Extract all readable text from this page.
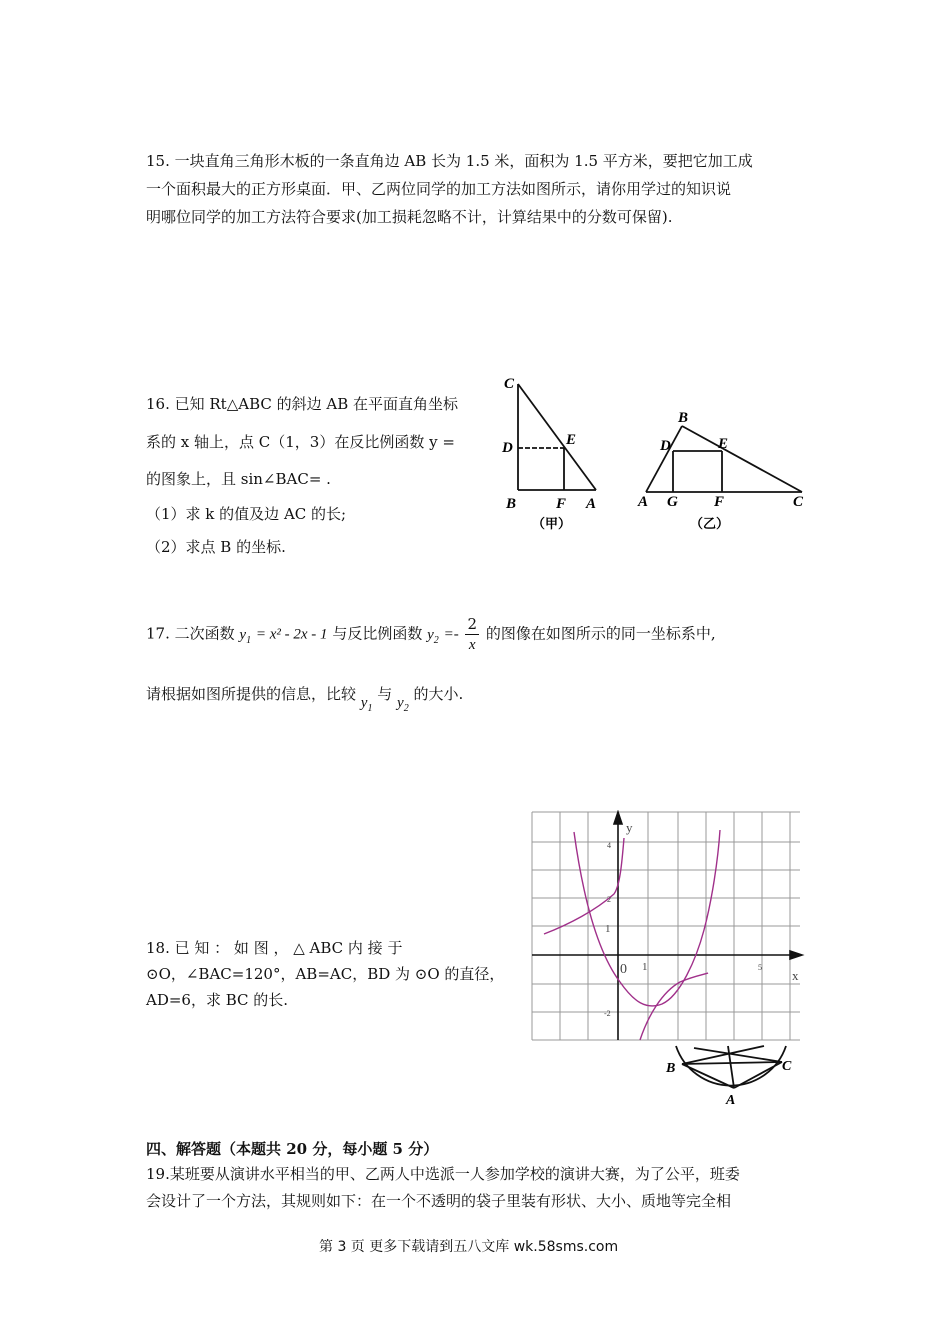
15. 一块直角三角形木板的一条直角边 AB 长为 1.5 米，面积为 1.5 平方米，要把它加工成
一个面积最大的正方形桌面．甲、乙两位同学的加工方法如图所示，请你用学过的知识说
明哪位同学的加工方法符合要求(加工损耗忽略不计，计算结果中的分数可保留).
16. 已知 Rt△ABC 的斜边 AB 在平面直角坐标
系的 x 轴上，点 C（1，3）在反比例函数 y =
的图象上，且 sin∠BAC= .
（1）求 k 的值及边 AC 的长;
（2）求点 B 的坐标.
C
D	E
B	F A
（甲）
B
D	E
A G F	C
（乙）
17. 二次函数 $y_1 = x^2 - 2x - 1$ 与反比例函数 $y_2 =- \frac{2}{x}$ 的图像在如图所示的同一坐标系中,
请根据如图所提供的信息，比较 $y_1$ 与 $y_2$ 的大小.
y
x
0 1	5
4
2
1
-2
18. 已 知 ： 如 图 ， △ ABC 内 接 于
⊙O，∠BAC=120°，AB=AC，BD 为 ⊙O 的直径，
AD=6，求 BC 的长.
B	C
A
四、解答题（本题共 20 分，每小题 5 分）
19.某班要从演讲水平相当的甲、乙两人中选派一人参加学校的演讲大赛，为了公平，班委
会设计了一个方法，其规则如下：在一个不透明的袋子里装有形状、大小、质地等完全相
第 3 页 更多下载请到五八文库 wk.58sms.com
